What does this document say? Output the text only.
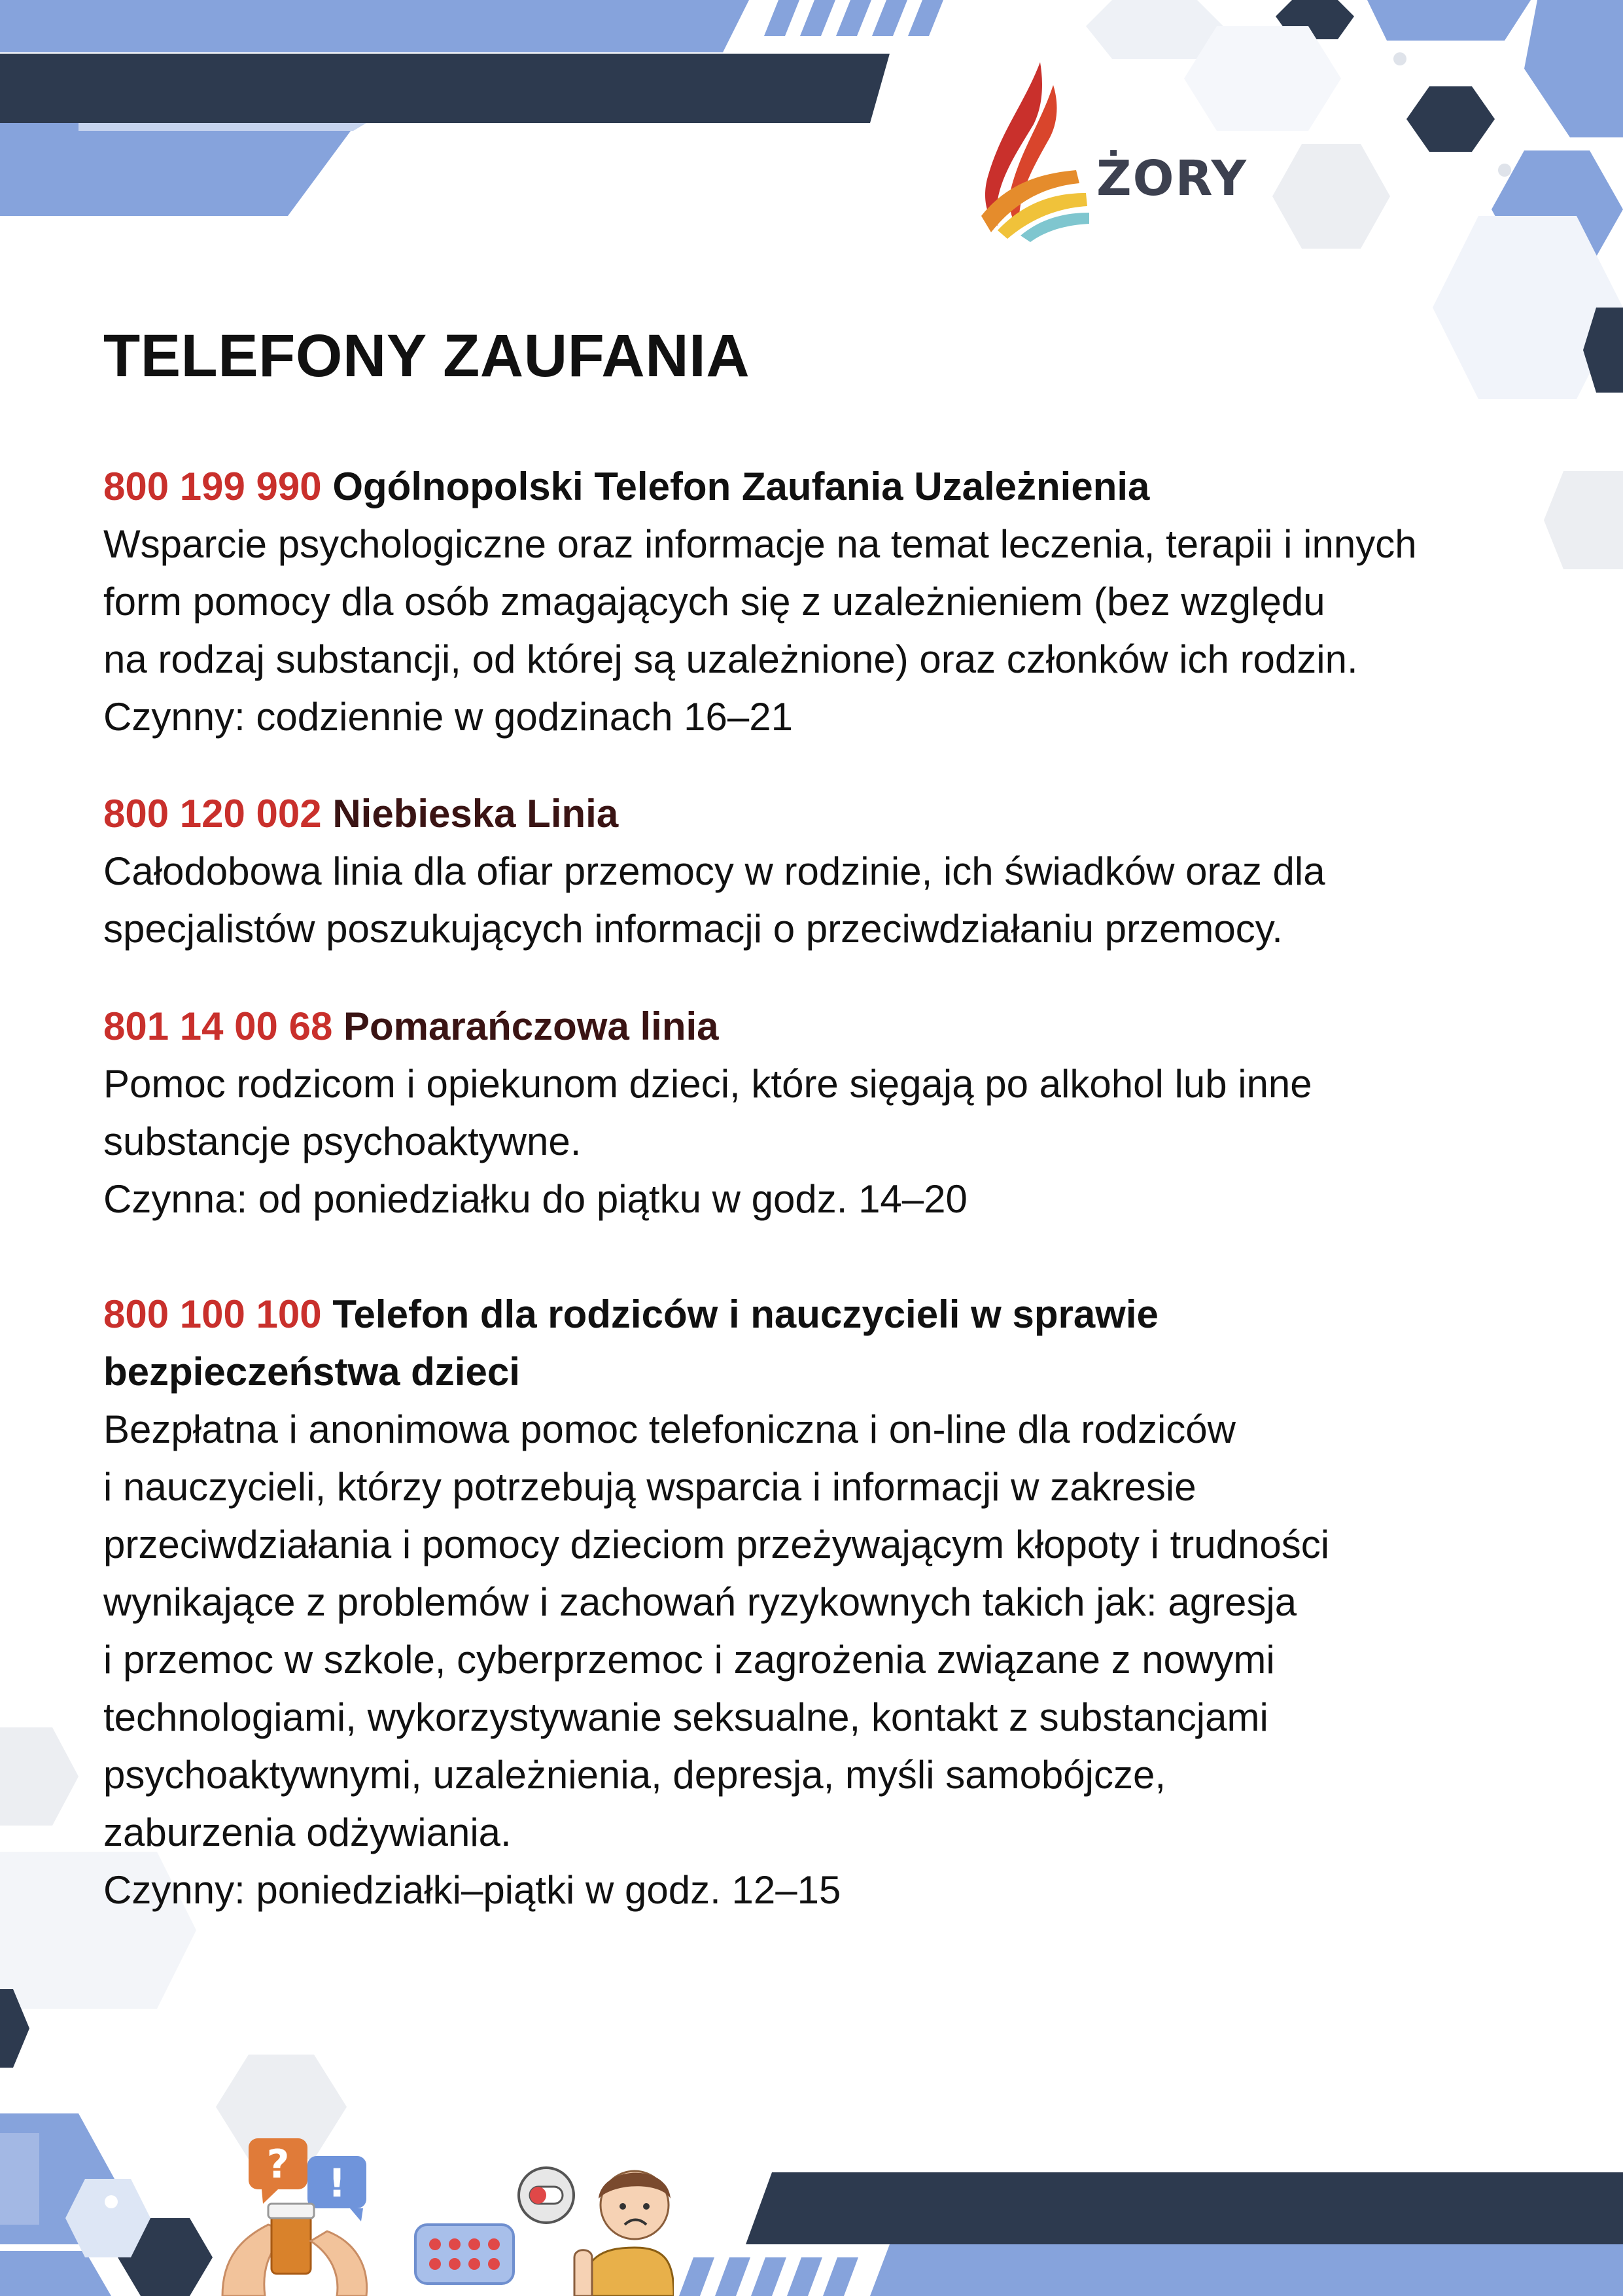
ŻORY
TELEFONY ZAUFANIA

800 199 990 Ogólnopolski Telefon Zaufania Uzależnienia

Wsparcie psychologiczne oraz informacje na temat leczenia, terapii i innych
form pomocy dla osób zmagających się z uzależnieniem (bez względu
na rodzaj substancji, od której są uzależnione) oraz członków ich rodzin.
Czynny: codziennie w godzinach 16–21

800 120 002 Niebieska Linia

Całodobowa linia dla ofiar przemocy w rodzinie, ich świadków oraz dla
specjalistów poszukujących informacji o przeciwdziałaniu przemocy.

801 14 00 68 Pomarańczowa linia

Pomoc rodzicom i opiekunom dzieci, które sięgają po alkohol lub inne
substancje psychoaktywne.
Czynna: od poniedziałku do piątku w godz. 14–20

800 100 100 Telefon dla rodziców i nauczycieli w sprawie
bezpieczeństwa dzieci

Bezpłatna i anonimowa pomoc telefoniczna i on-line dla rodziców
i nauczycieli, którzy potrzebują wsparcia i informacji w zakresie
przeciwdziałania i pomocy dzieciom przeżywającym kłopoty i trudności
wynikające z problemów i zachowań ryzykownych takich jak: agresja
i przemoc w szkole, cyberprzemoc i zagrożenia związane z nowymi
technologiami, wykorzystywanie seksualne, kontakt z substancjami
psychoaktywnymi, uzależnienia, depresja, myśli samobójcze,
zaburzenia odżywiania.
Czynny: poniedziałki–piątki w godz. 12–15

? !
